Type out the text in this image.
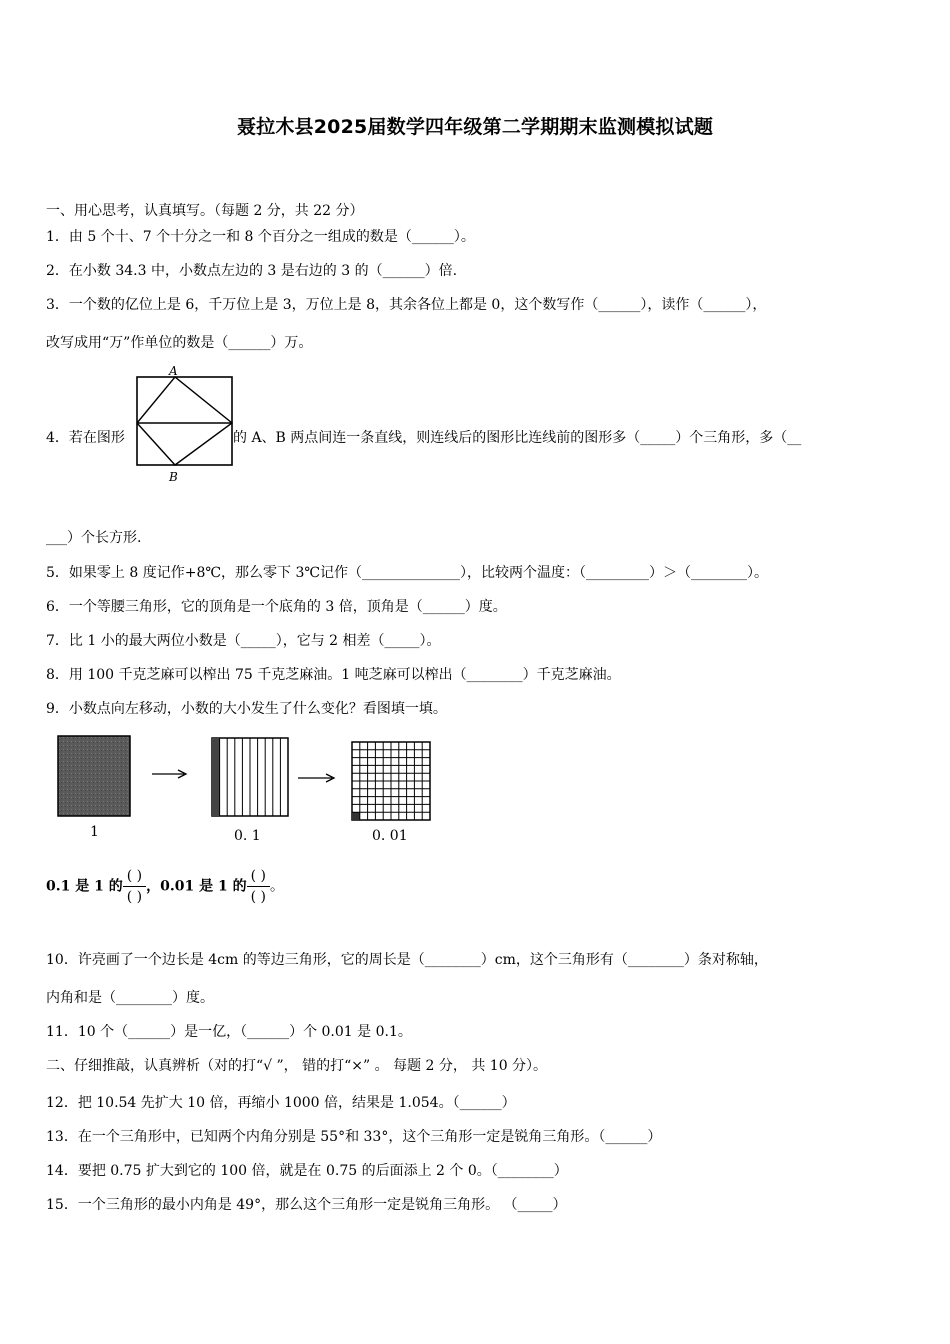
聂拉木县2025届数学四年级第二学期期末监测模拟试题
一、用心思考，认真填写。（每题 2 分，共 22 分）
1．由 5 个十、7 个十分之一和 8 个百分之一组成的数是（______）。
2．在小数 34.3 中，小数点左边的 3 是右边的 3 的（______）倍.
3．一个数的亿位上是 6，千万位上是 3，万位上是 8，其余各位上都是 0，这个数写作（______），读作（______），
改写成用“万”作单位的数是（______）万。
4．若在图形
A
B
的 A、B 两点间连一条直线，则连线后的图形比连线前的图形多（_____）个三角形，多（__
___）个长方形.
5．如果零上 8 度记作+8℃，那么零下 3℃记作（______________），比较两个温度：（_________）＞（________）。
6．一个等腰三角形，它的顶角是一个底角的 3 倍，顶角是（______）度。
7．比 1 小的最大两位小数是（_____），它与 2 相差（_____）。
8．用 100 千克芝麻可以榨出 75 千克芝麻油。1 吨芝麻可以榨出（________）千克芝麻油。
9．小数点向左移动，小数的大小发生了什么变化？看图填一填。
1	0. 1	0. 01
0.1 是 1 的 $\frac{( )}{( )}$ ，0.01 是 1 的 $\frac{( )}{( )}$ 。
10．许亮画了一个边长是 4cm 的等边三角形，它的周长是（________）cm，这个三角形有（________）条对称轴，
内角和是（________）度。
11．10 个（______）是一亿，（______）个 0.01 是 0.1。
二、仔细推敲，认真辨析（对的打“√ ”， 错的打“×” 。 每题 2 分， 共 10 分）。
12．把 10.54 先扩大 10 倍，再缩小 1000 倍，结果是 1.054。（______）
13．在一个三角形中，已知两个内角分别是 55°和 33°，这个三角形一定是锐角三角形。（______）
14．要把 0.75 扩大到它的 100 倍，就是在 0.75 的后面添上 2 个 0。（________）
15．一个三角形的最小内角是 49°，那么这个三角形一定是锐角三角形。 （_____）
